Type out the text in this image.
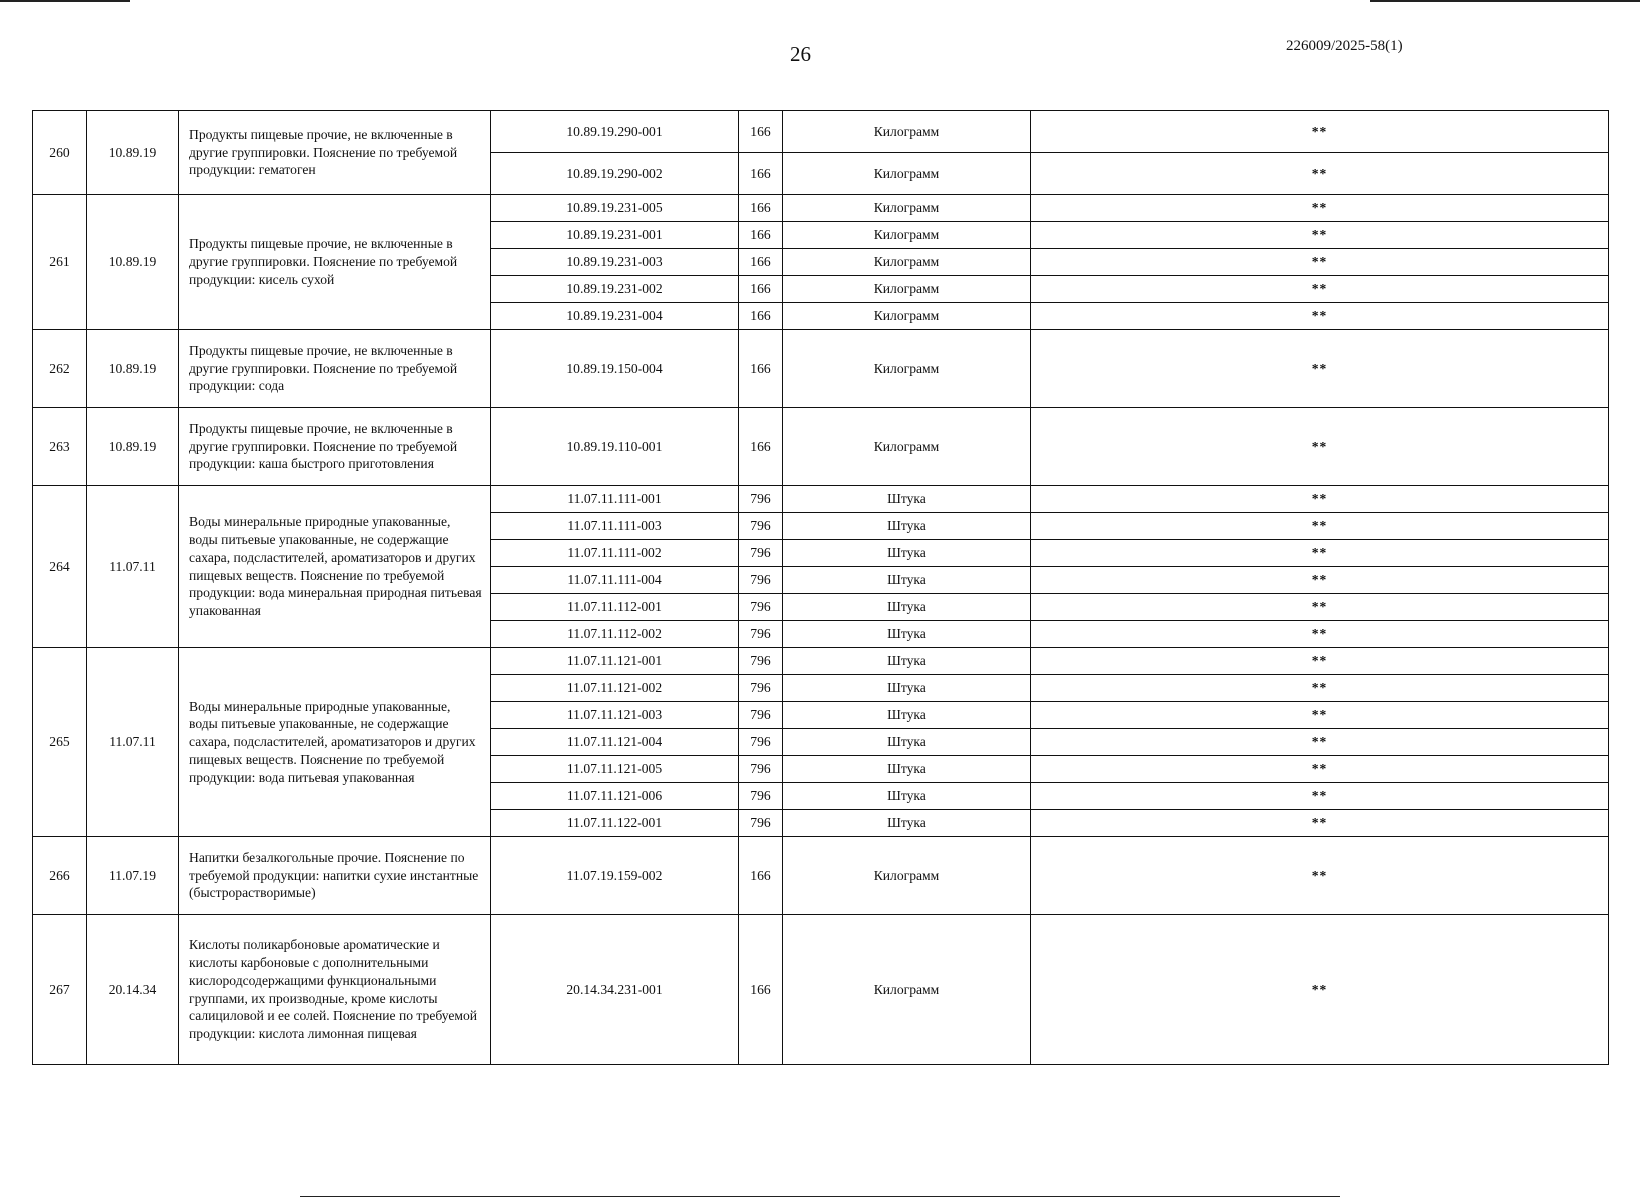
26	226009/2025-58(1)
260	10.89.19	Продукты пищевые прочие, не включенные в другие группировки. Пояснение по требуемой продукции: гематоген	10.89.19.290-001	166	Килограмм	**
			10.89.19.290-002	166	Килограмм	**
261	10.89.19	Продукты пищевые прочие, не включенные в другие группировки. Пояснение по требуемой продукции: кисель сухой	10.89.19.231-005	166	Килограмм	**
			10.89.19.231-001	166	Килограмм	**
			10.89.19.231-003	166	Килограмм	**
			10.89.19.231-002	166	Килограмм	**
			10.89.19.231-004	166	Килограмм	**
262	10.89.19	Продукты пищевые прочие, не включенные в другие группировки. Пояснение по требуемой продукции: сода	10.89.19.150-004	166	Килограмм	**
263	10.89.19	Продукты пищевые прочие, не включенные в другие группировки. Пояснение по требуемой продукции: каша быстрого приготовления	10.89.19.110-001	166	Килограмм	**
264	11.07.11	Воды минеральные природные упакованные, воды питьевые упакованные, не содержащие сахара, подсластителей, ароматизаторов и других пищевых веществ. Пояснение по требуемой продукции: вода минеральная природная питьевая упакованная	11.07.11.111-001	796	Штука	**
			11.07.11.111-003	796	Штука	**
			11.07.11.111-002	796	Штука	**
			11.07.11.111-004	796	Штука	**
			11.07.11.112-001	796	Штука	**
			11.07.11.112-002	796	Штука	**
265	11.07.11	Воды минеральные природные упакованные, воды питьевые упакованные, не содержащие сахара, подсластителей, ароматизаторов и других пищевых веществ. Пояснение по требуемой продукции: вода питьевая упакованная	11.07.11.121-001	796	Штука	**
			11.07.11.121-002	796	Штука	**
			11.07.11.121-003	796	Штука	**
			11.07.11.121-004	796	Штука	**
			11.07.11.121-005	796	Штука	**
			11.07.11.121-006	796	Штука	**
			11.07.11.122-001	796	Штука	**
266	11.07.19	Напитки безалкогольные прочие. Пояснение по требуемой продукции: напитки сухие инстантные (быстрорастворимые)	11.07.19.159-002	166	Килограмм	**
267	20.14.34	Кислоты поликарбоновые ароматические и кислоты карбоновые с дополнительными кислородсодержащими функциональными группами, их производные, кроме кислоты салициловой и ее солей. Пояснение по требуемой продукции: кислота лимонная пищевая	20.14.34.231-001	166	Килограмм	**
